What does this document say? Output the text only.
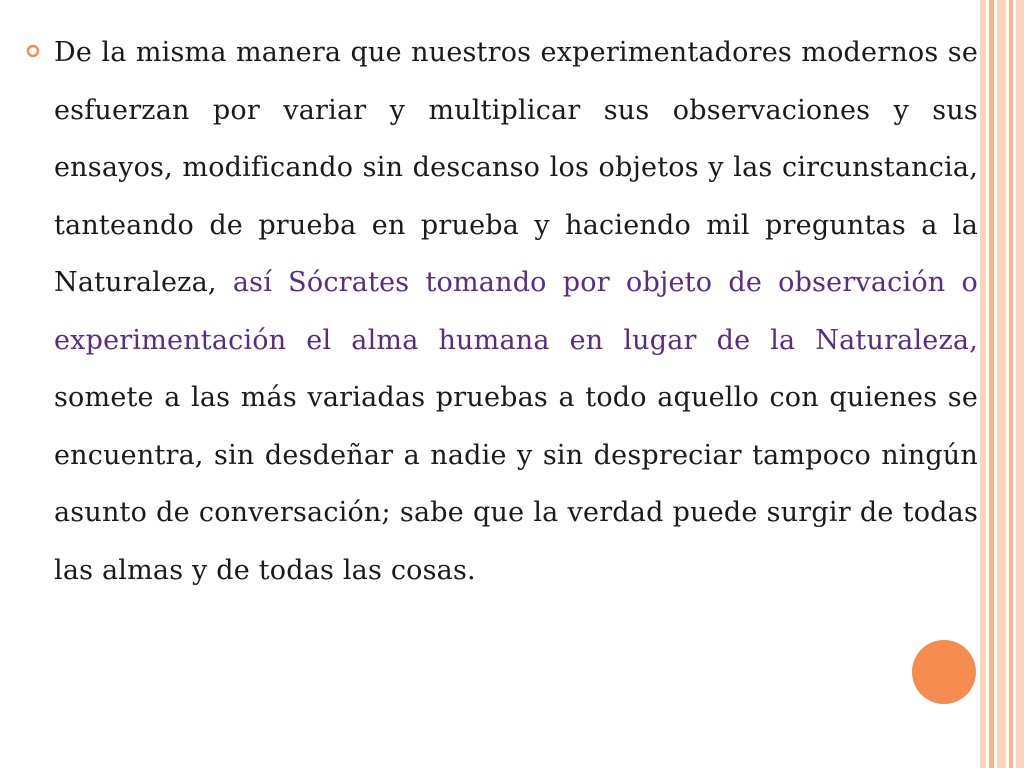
De la misma manera que nuestros experimentadores modernos se esfuerzan por variar y multiplicar sus observaciones y sus ensayos, modificando sin descanso los objetos y las circunstancia, tanteando de prueba en prueba y haciendo mil preguntas a la Naturaleza, así Sócrates tomando por objeto de observación o experimentación el alma humana en lugar de la Naturaleza, somete a las más variadas pruebas a todo aquello con quienes se encuentra, sin desdeñar a nadie y sin despreciar tampoco ningún asunto de conversación; sabe que la verdad puede surgir de todas las almas y de todas las cosas.
